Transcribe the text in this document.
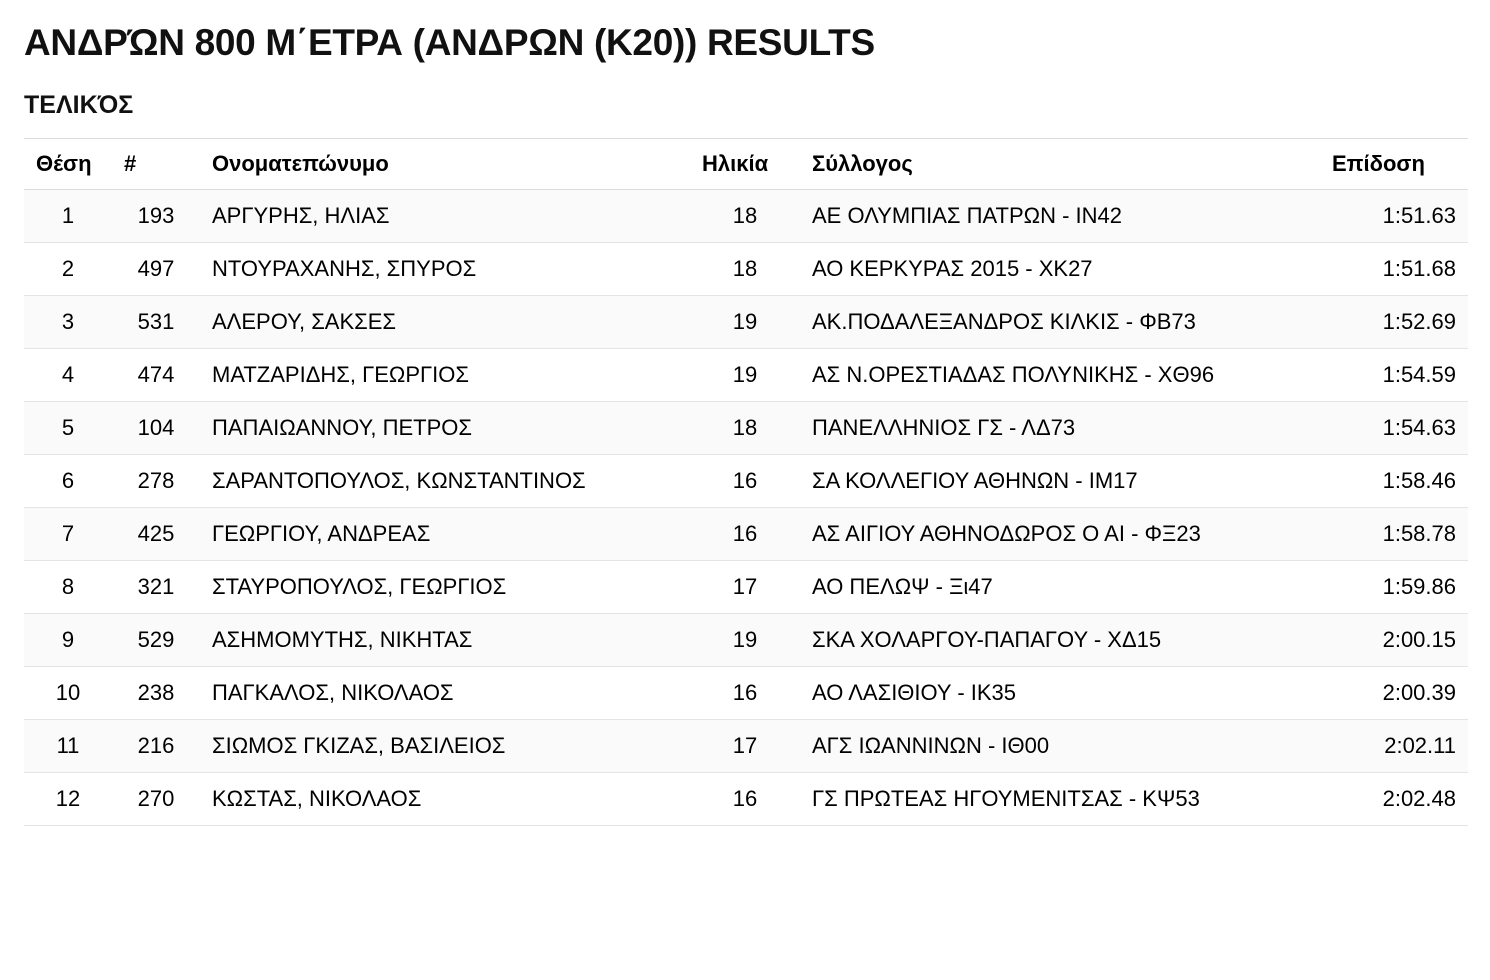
ΑΝΔΡΏΝ 800 Μ΄ΕΤΡΑ (ΑΝΔΡΩΝ (Κ20)) RESULTS
ΤΕΛΙΚΌΣ
Θέση	#	Ονοματεπώνυμο	Ηλικία	Σύλλογος	Επίδοση
1	193	ΑΡΓΥΡΗΣ, ΗΛΙΑΣ	18	ΑΕ ΟΛΥΜΠΙΑΣ ΠΑΤΡΩΝ - ΙΝ42	1:51.63
2	497	ΝΤΟΥΡΑΧΑΝΗΣ, ΣΠΥΡΟΣ	18	ΑΟ ΚΕΡΚΥΡΑΣ 2015 - ΧΚ27	1:51.68
3	531	ΑΛΕΡΟΥ, ΣΑΚΣΕΣ	19	ΑΚ.ΠΟΔΑΛΕΞΑΝΔΡΟΣ ΚΙΛΚΙΣ - ΦΒ73	1:52.69
4	474	ΜΑΤΖΑΡΙΔΗΣ, ΓΕΩΡΓΙΟΣ	19	ΑΣ Ν.ΟΡΕΣΤΙΑΔΑΣ ΠΟΛΥΝΙΚΗΣ - ΧΘ96	1:54.59
5	104	ΠΑΠΑΙΩΑΝΝΟΥ, ΠΕΤΡΟΣ	18	ΠΑΝΕΛΛΗΝΙΟΣ ΓΣ - ΛΔ73	1:54.63
6	278	ΣΑΡΑΝΤΟΠΟΥΛΟΣ, ΚΩΝΣΤΑΝΤΙΝΟΣ	16	ΣΑ ΚΟΛΛΕΓΙΟΥ ΑΘΗΝΩΝ - ΙΜ17	1:58.46
7	425	ΓΕΩΡΓΙΟΥ, ΑΝΔΡΕΑΣ	16	ΑΣ ΑΙΓΙΟΥ ΑΘΗΝΟΔΩΡΟΣ Ο ΑΙ - ΦΞ23	1:58.78
8	321	ΣΤΑΥΡΟΠΟΥΛΟΣ, ΓΕΩΡΓΙΟΣ	17	ΑΟ ΠΕΛΩΨ - Ξι47	1:59.86
9	529	ΑΣΗΜΟΜΥΤΗΣ, ΝΙΚΗΤΑΣ	19	ΣΚΑ ΧΟΛΑΡΓΟΥ-ΠΑΠΑΓΟΥ - ΧΔ15	2:00.15
10	238	ΠΑΓΚΑΛΟΣ, ΝΙΚΟΛΑΟΣ	16	ΑΟ ΛΑΣΙΘΙΟΥ - ΙΚ35	2:00.39
11	216	ΣΙΩΜΟΣ ΓΚΙΖΑΣ, ΒΑΣΙΛΕΙΟΣ	17	ΑΓΣ ΙΩΑΝΝΙΝΩΝ - ΙΘ00	2:02.11
12	270	ΚΩΣΤΑΣ, ΝΙΚΟΛΑΟΣ	16	ΓΣ ΠΡΩΤΕΑΣ ΗΓΟΥΜΕΝΙΤΣΑΣ - ΚΨ53	2:02.48
